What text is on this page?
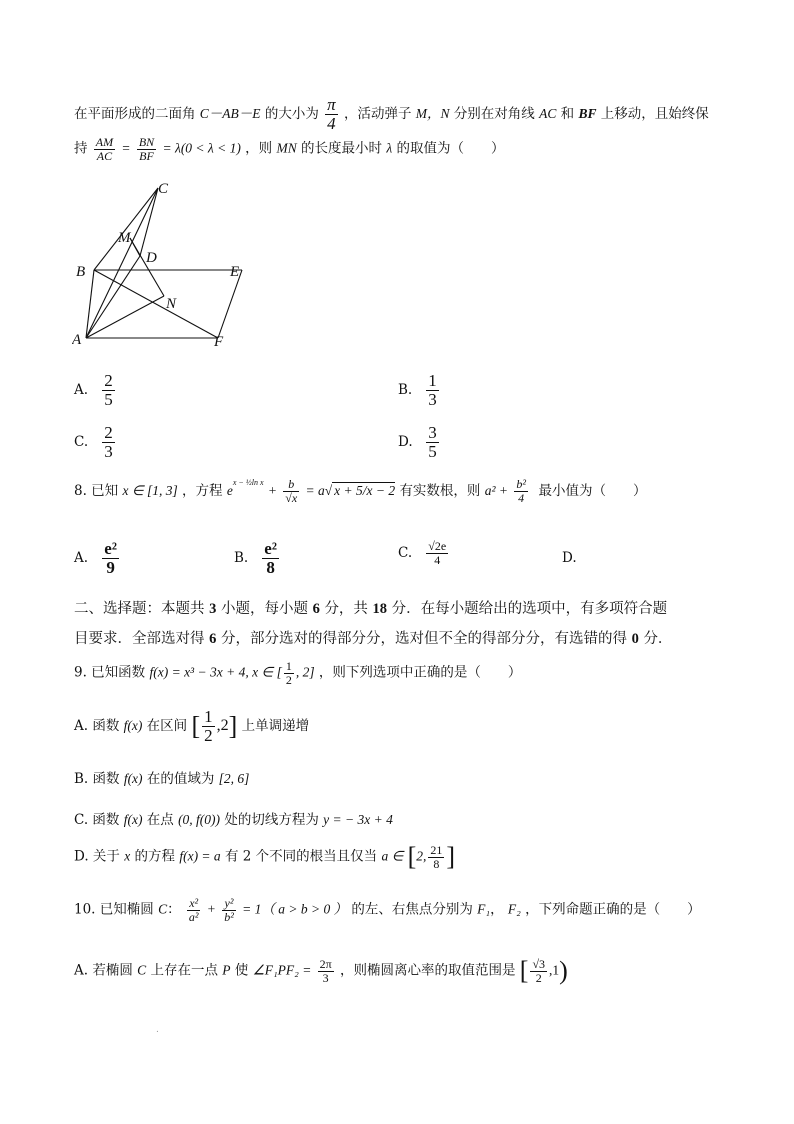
在平面形成的二面角 C－AB－E 的大小为 $\frac{\pi}{4}$ ，活动弹子 M，N 分别在对角线 AC 和 BF 上移动，且始终保
持 $\frac{AM}{AC} = \frac{BN}{BF} = \lambda(0 < \lambda < 1)$ ，则 MN 的长度最小时 λ 的取值为（　　）
C
M
D
B	E
N
A	F
A. $\frac{2}{5}$	B. $\frac{1}{3}$
C. $\frac{2}{3}$	D. $\frac{3}{5}$
8. 已知 x ∈ [1, 3] ，方程 $e^{x - \frac{1}{2}ln x} + \frac{b}{√x} = a√$ x + 5/x − 2 有实数根，则 $a^2 + \frac{\text{b²}}{4}$ 最小值为（　　）
A. $\frac{\text{e²}}{9}$	B. $\frac{\text{e²}}{8}$	C. $\frac{√2e}{4}$	D.
二、选择题：本题共 3 小题，每小题 6 分，共 18 分．在每小题给出的选项中，有多项符合题
目要求．全部选对得 6 分，部分选对的得部分分，选对但不全的得部分分，有选错的得 0 分．
9. 已知函数 f(x) = x³ − 3x + 4, x ∈ [ $\frac{1}{2}$ , 2] ，则下列选项中正确的是（　　）
A. 函数 f(x) 在区间 [ $\frac{1}{2} ,2$] 上单调递增
B. 函数 f(x) 在的值域为 [2, 6]
C. 函数 f(x) 在点 (0, f(0)) 处的切线方程为 y = − 3x + 4
D. 关于 x 的方程 f(x) = a 有 2 个不同的根当且仅当 a ∈ [2, $\frac{21}{8}$ ]
10. 已知椭圆 C： $\frac{\text{x²}}{\text{a²}} + \frac{\text{y²}}{\text{b²}} = 1$（ a > b > 0 ） 的左、右焦点分别为 F₁， F₂ ，下列命题正确的是（　　）
A. 若椭圆 C 上存在一点 P 使 ∠F₁PF₂ = $\frac{2\pi}{3}$ ，则椭圆离心率的取值范围是 [ $\frac{√3}{2} ,1$)
.
